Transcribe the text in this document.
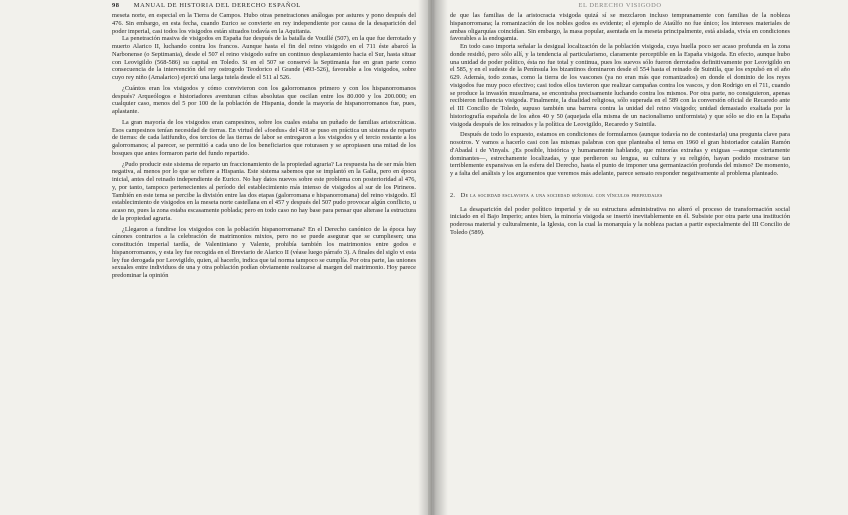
98 MANUAL DE HISTORIA DEL DERECHO ESPAÑOL

meseta norte, en especial en la Tierra de Campos. Hubo otras penetraciones análogas por astures y pono después del 476. Sin embargo, en esta fecha, cuando Eurico se convierte en rey independiente por causa de la desaparición del poder imperial, casi todos los visigodos están situados todavía en la Aquitania.

La penetración masiva de visigodos en España fue después de la batalla de Vouillé (507), en la que fue derrotado y muerto Alarico II, luchando contra los francos. Aunque hasta el fin del reino visigodo en el 711 éste abarcó la Narbonense (o Septimania), desde el 507 el reino visigodo sufre un continuo desplazamiento hacia el Sur, hasta situar con Leovigildo (568-586) su capital en Toledo. Si en el 507 se conservó la Septimania fue en gran parte como consecuencia de la intervención del rey ostrogodo Teodorico el Grande (493-526), favorable a los visigodos, sobre cuyo rey niño (Amalarico) ejerció una larga tutela desde el 511 al 526.

¿Cuántos eran los visigodos y cómo convivieron con los galorromanos primero y con los hispanorromanos después? Arqueólogos e historiadores aventuran cifras absolutas que oscilan entre los 80.000 y los 200.000; en cualquier caso, menos del 5 por 100 de la población de Hispania, donde la mayoría de hispanorromanos fue, pues, aplastante.

La gran mayoría de los visigodos eran campesinos, sobre los cuales estaba un puñado de familias aristocráticas. Esos campesinos tenían necesidad de tierras. En virtud del «foedus» del 418 se puso en práctica un sistema de reparto de tierras: de cada latifundio, dos tercios de las tierras de labor se entregaron a los visigodos y el tercio restante a los galorromanos; al parecer, se permitió a cada uno de los beneficiarios que roturasen y se apropiasen una mitad de los bosques que antes formaron parte del fundo repartido.

¿Pudo producir este sistema de reparto un fraccionamiento de la propiedad agraria? La respuesta ha de ser más bien negativa, al menos por lo que se refiere a Hispania. Este sistema sabemos que se implantó en la Galia, pero en época inicial, antes del reinado independiente de Eurico. No hay datos nuevos sobre este problema con posterioridad al 476, y, por tanto, tampoco pertenecientes al período del establecimiento más intenso de visigodos al sur de los Pirineos. También en este tema se percibe la división entre las dos etapas (galorromana e hispanorromana) del reino visigodo. El establecimiento de visigodos en la meseta norte castellana en el 457 y después del 507 pudo provocar algún conflicto, u acaso no, pues la zona estaba escasamente poblada; pero en todo caso no hay base para pensar que alterase la estructura de la propiedad agraria.

¿Llegaron a fundirse los visigodos con la población hispanorromana? En el Derecho canónico de la época hay cánones contrarios a la celebración de matrimonios mixtos, pero no se puede asegurar que se cumpliesen; una constitución imperial tardía, de Valentiniano y Valente, prohibía también los matrimonios entre godos e hispanorromanos, y esta ley fue recogida en el Breviario de Alarico II (véase luego párrafo 3). A finales del siglo vi esta ley fue derogada por Leovigildo, quien, al hacerlo, indica que tal norma tampoco se cumplía. Por otra parte, las uniones sexuales entre individuos de una y otra población podían obviamente realizarse al margen del matrimonio. Hoy parece predominar la opinión

EL DERECHO VISIGODO

de que las familias de la aristocracia visigoda quizá sí se mezclaron incluso tempranamente con familias de la nobleza hispanorromana; la romanización de los nobles godos es evidente; el ejemplo de Ataúlfo no fue único; los intereses materiales de ambas oligarquías coincidían. Sin embargo, la masa popular, asentada en la meseta principalmente, está aislada, vivía en condiciones favorables a la endogamia.

En todo caso importa señalar la desigual localización de la población visigoda, cuya huella poco ser acaso profunda en la zona donde residió, pero sólo allí, y la tendencia al particularismo, claramente perceptible en la España visigoda. En efecto, aunque hubo una unidad de poder político, ésta no fue total y continua, pues los suevos sólo fueron derrotados definitivamente por Leovigildo en el 585, y en el sudeste de la Península los bizantinos dominaron desde el 554 hasta el reinado de Suintila, que los expulsó en el año 629. Además, todo zonas, como la tierra de los vascones (ya no eran más que romanizados) en donde el dominio de los reyes visigodos fue muy poco efectivo; casi todos ellos tuvieron que realizar campañas contra los vascos, y don Rodrigo en el 711, cuando se produce la invasión musulmana, se encontraba precisamente luchando contra los mismos. Por otra parte, no consiguieron, apenas recibieron influencia visigoda. Finalmente, la dualidad religiosa, sólo superada en el 589 con la conversión oficial de Recaredo ante el III Concilio de Toledo, supuso también una barrera contra la unidad del reino visigodo; unidad demasiado exaltada por la historiografía española de los años 40 y 50 (aquejada ella misma de un nacionalismo uniformista) y que sólo se dio en la España visigoda después de los reinados y la política de Leovigildo, Recaredo y Suintila.

Después de todo lo expuesto, estamos en condiciones de formularnos (aunque todavía no de contestarla) una pregunta clave para nosotros. Y vamos a hacerlo casi con las mismas palabras con que planteaba el tema en 1960 el gran historiador catalán Ramón d'Abadal i de Vinyals. ¿Es posible, histórica y humanamente hablando, que minorías extrañas y exiguas —aunque ciertamente dominantes—, estrechamente localizadas, y que perdieron su lengua, su cultura y su religión, hayan podido mostrarse tan terriblemente expansivas en la esfera del Derecho, hasta el punto de imponer una germanización profunda del mismo? De momento, y a falta del análisis y los argumentos que veremos más adelante, parece sensato responder negativamente al problema planteado.

2. De la sociedad esclavista a una sociedad señorial con vínculos prefeudales

La desaparición del poder político imperial y de su estructura administrativa no alteró el proceso de transformación social iniciado en el Bajo Imperio; antes bien, la minoría visigoda se insertó inevitablemente en él. Subsiste por otra parte una institución poderosa material y culturalmente, la Iglesia, con la cual la monarquía y la nobleza pactan a partir especialmente del III Concilio de Toledo (589).
